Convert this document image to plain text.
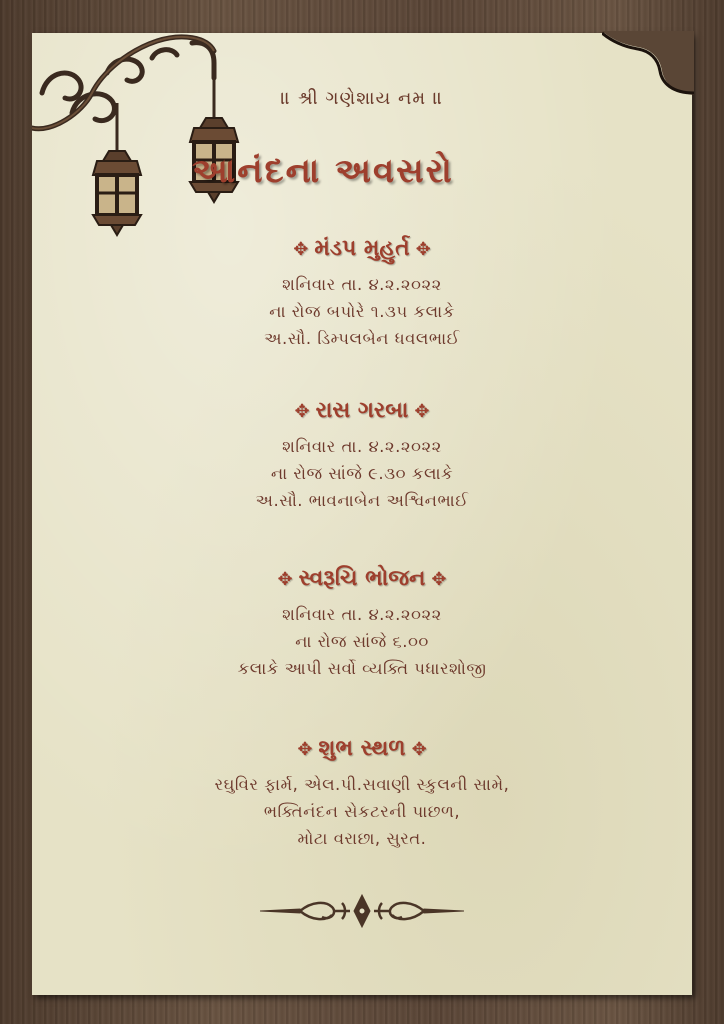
॥ શ્રી ગણેશાય નમ ॥
આનંદના અવસરો
✥ મંડપ મુહુર્ત ✥
શનિવાર તા. ૪.૨.૨૦૨૨
ના રોજ બપોરે ૧.૩૫ કલાકે
અ.સૌ. ડિમ્પલબેન ધવલભાઈ
✥ રાસ ગરબા ✥
શનિવાર તા. ૪.૨.૨૦૨૨
ના રોજ સાંજે ૯.૩૦ કલાકે
અ.સૌ. ભાવનાબેન અશ્વિનભાઈ
✥ સ્વરૂચિ ભોજન ✥
શનિવાર તા. ૪.૨.૨૦૨૨
ના રોજ સાંજે ૬.૦૦
કલાકે આપી સર્વો વ્યક્તિ પધારશોજી
✥ શુભ સ્થળ ✥
રઘુવિર ફાર્મ, એલ.પી.સવાણી સ્કુલની સામે,
ભક્તિનંદન સેકટરની પાછળ,
મોટા વરાછા, સુરત.
